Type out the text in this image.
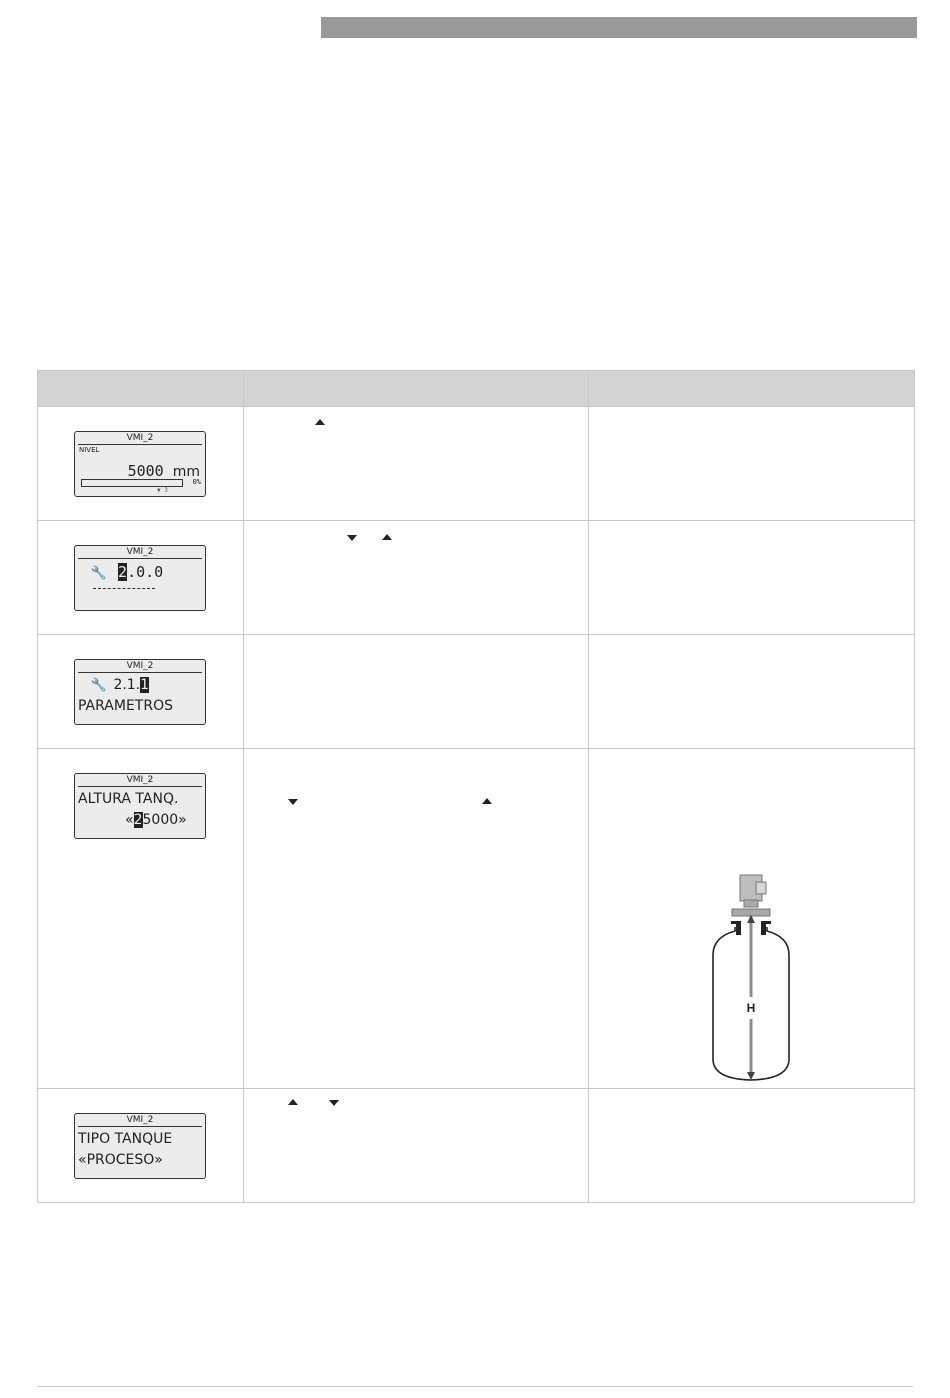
VMI_2
NIVEL
5000 mm
0%
▼ 3		

VMI_2
🔧 2.0.0		

VMI_2
🔧 2.1.1
PARAMETROS		

VMI_2
ALTURA TANQ.
«25000»		H

VMI_2
TIPO TANQUE
«PROCESO»		
